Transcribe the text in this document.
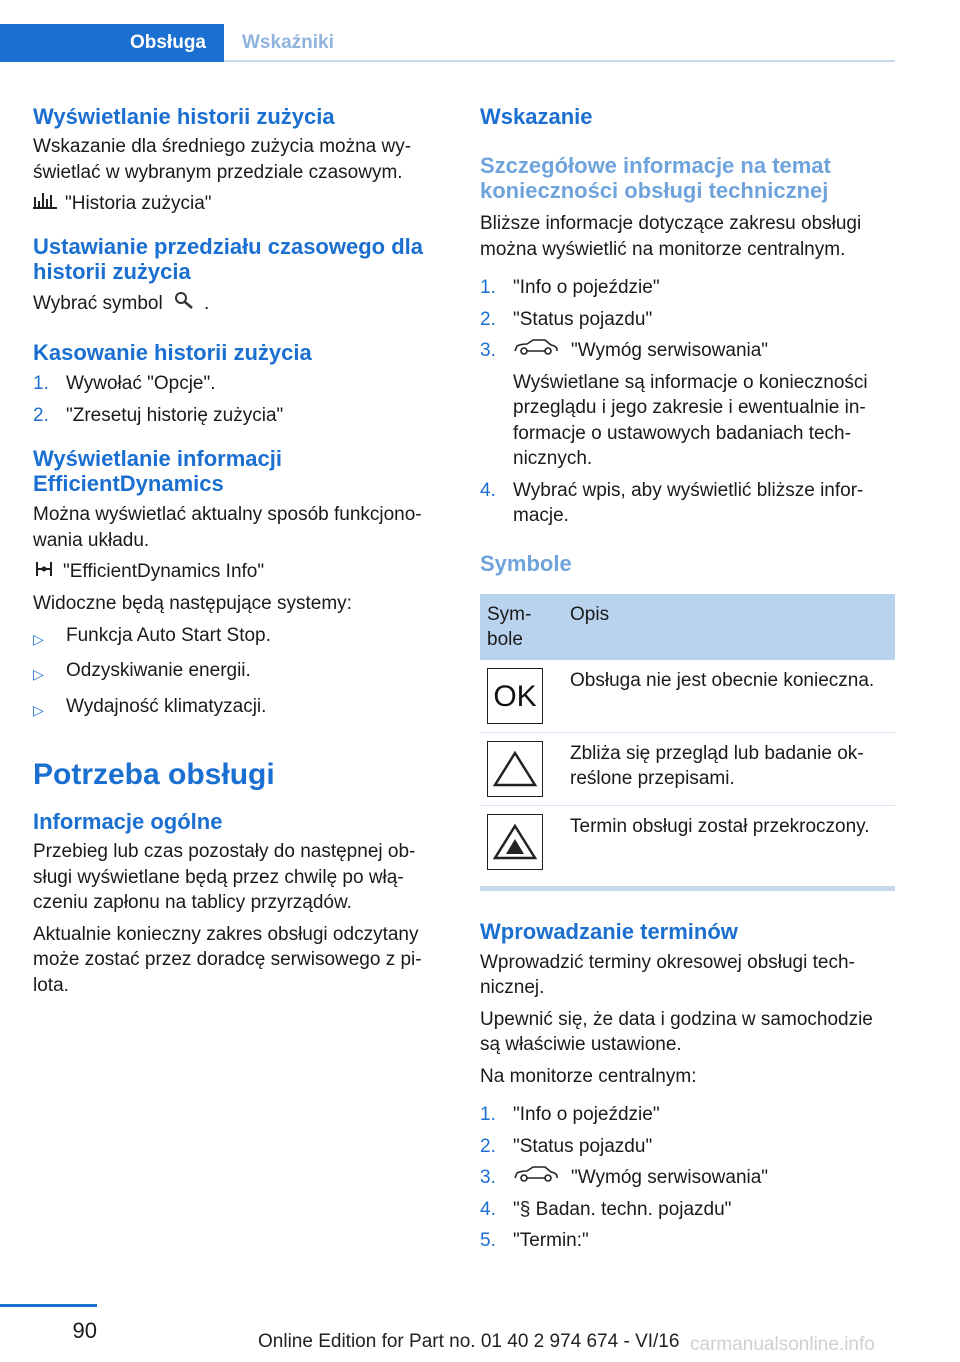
Obsługa	Wskaźniki
Wyświetlanie historii zużycia

Wskazanie dla średniego zużycia można wy-świetlać w wybranym przedziale czasowym.

"Historia zużycia"

Ustawianie przedziału czasowego dla historii zużycia

Wybrać symbol .

Kasowanie historii zużycia
1. Wywołać "Opcje".
2. "Zresetuj historię zużycia"
Wyświetlanie informacji EfficientDynamics

Można wyświetlać aktualny sposób funkcjono-wania układu.

"EfficientDynamics Info"

Widoczne będą następujące systemy:

▷	Funkcja Auto Start Stop.
▷	Odzyskiwanie energii.
▷	Wydajność klimatyzacji.
Potrzeba obsługi
Informacje ogólne

Przebieg lub czas pozostały do następnej ob-sługi wyświetlane będą przez chwilę po włą-czeniu zapłonu na tablicy przyrządów.

Aktualnie konieczny zakres obsługi odczytany może zostać przez doradcę serwisowego z pi-lota.

Wskazanie
Szczegółowe informacje na temat konieczności obsługi technicznej

Bliższe informacje dotyczące zakresu obsługi można wyświetlić na monitorze centralnym.

1. "Info o pojeździe"
2. "Status pojazdu"
3.	"Wymóg serwisowania"

Wyświetlane są informacje o konieczności przeglądu i jego zakresie i ewentualnie in-formacje o ustawowych badaniach tech-nicznych.

4. Wybrać wpis, aby wyświetlić bliższe infor-macje.
Symbole
Sym-bole	Opis

OK	Obsługa nie jest obecnie konieczna.

	Zbliża się przegląd lub badanie ok-reślone przepisami.

	Termin obsługi został przekroczony.
Wprowadzanie terminów

Wprowadzić terminy okresowej obsługi tech-nicznej.

Upewnić się, że data i godzina w samochodzie są właściwie ustawione.

Na monitorze centralnym:

1. "Info o pojeździe"
2. "Status pojazdu"
3.	"Wymóg serwisowania"
4. "§ Badan. techn. pojazdu"
5. "Termin:"
90	Online Edition for Part no. 01 40 2 974 674 - VI/16 carmanualsonline.info
